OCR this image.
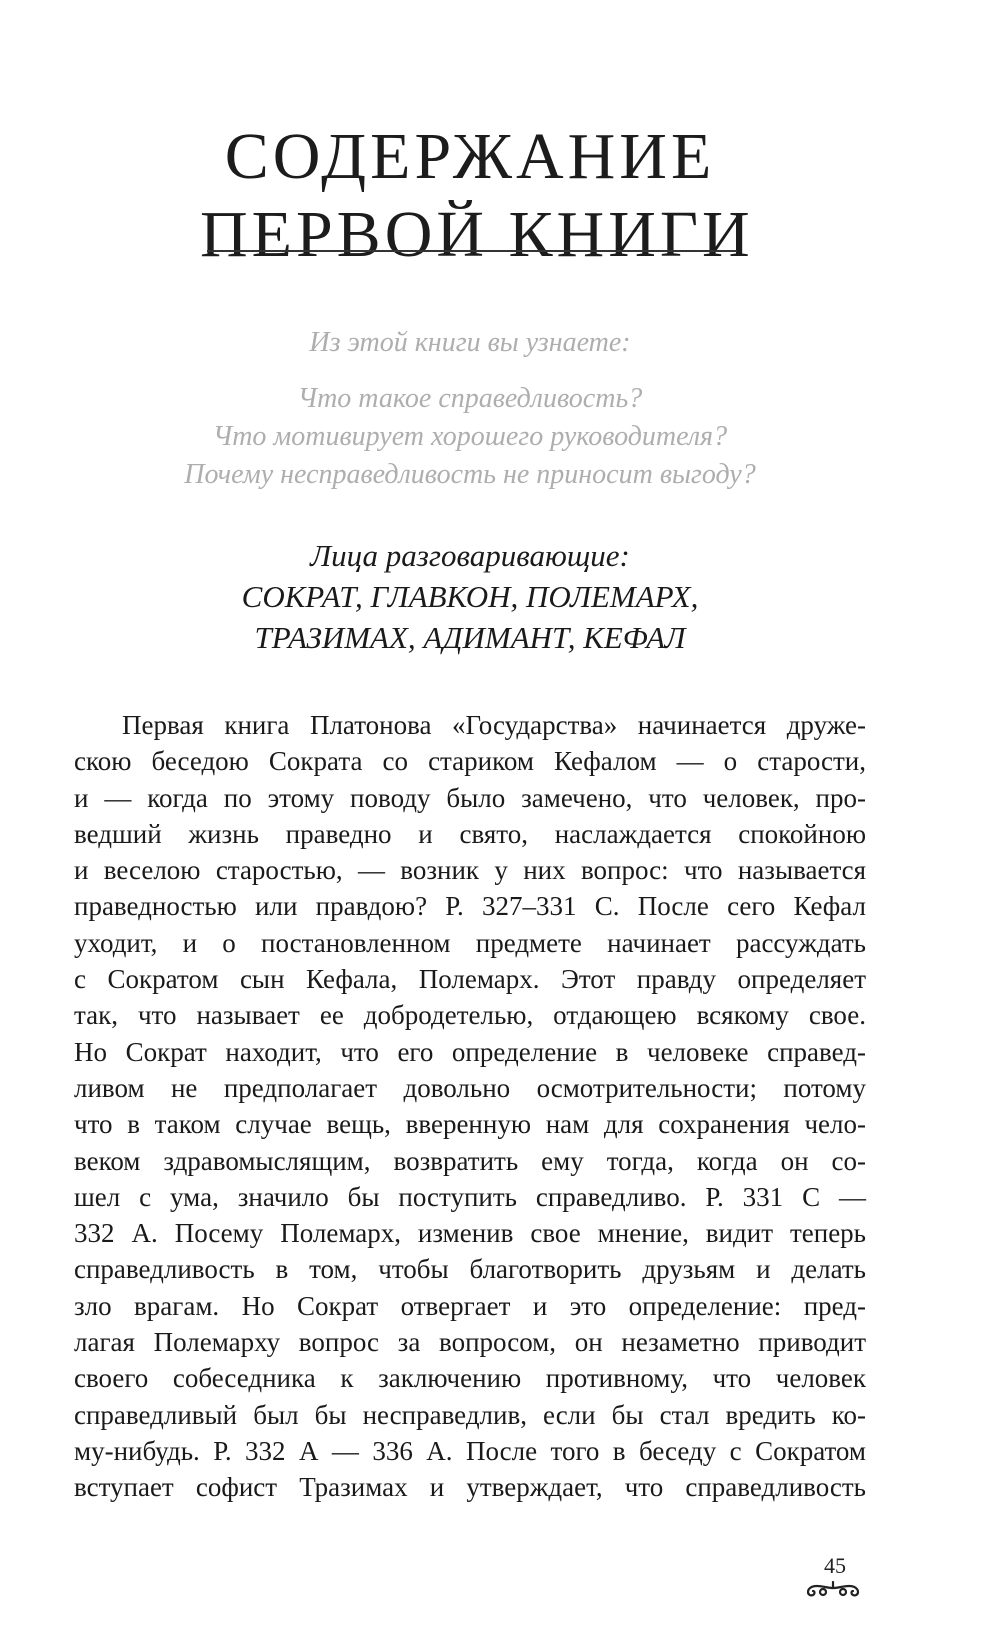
СОДЕРЖАНИЕ
ПЕРВОЙ КНИГИ
Из этой книги вы узнаете:
Что такое справедливость?
Что мотивирует хорошего руководителя?
Почему несправедливость не приносит выгоду?
Лица разговаривающие:
СОКРАТ, ГЛАВКОН, ПОЛЕМАРХ,
ТРАЗИМАХ, АДИМАНТ, КЕФАЛ
Первая книга Платонова «Государства» начинается друже-
скою беседою Сократа со стариком Кефалом — о старости,
и — когда по этому поводу было замечено, что человек, про-
ведший жизнь праведно и свято, наслаждается спокойною
и веселою старостью, — возник у них вопрос: что называется
праведностью или правдою? Р. 327–331 С. После сего Кефал
уходит, и о постановленном предмете начинает рассуждать
с Сократом сын Кефала, Полемарх. Этот правду определяет
так, что называет ее добродетелью, отдающею всякому свое.
Но Сократ находит, что его определение в человеке справед-
ливом не предполагает довольно осмотрительности; потому
что в таком случае вещь, вверенную нам для сохранения чело-
веком здравомыслящим, возвратить ему тогда, когда он со-
шел с ума, значило бы поступить справедливо. Р. 331 С —
332 А. Посему Полемарх, изменив свое мнение, видит теперь
справедливость в том, чтобы благотворить друзьям и делать
зло врагам. Но Сократ отвергает и это определение: пред-
лагая Полемарху вопрос за вопросом, он незаметно приводит
своего собеседника к заключению противному, что человек
справедливый был бы несправедлив, если бы стал вредить ко-
му-нибудь. Р. 332 А — 336 А. После того в беседу с Сократом
вступает софист Тразимах и утверждает, что справедливость
45
